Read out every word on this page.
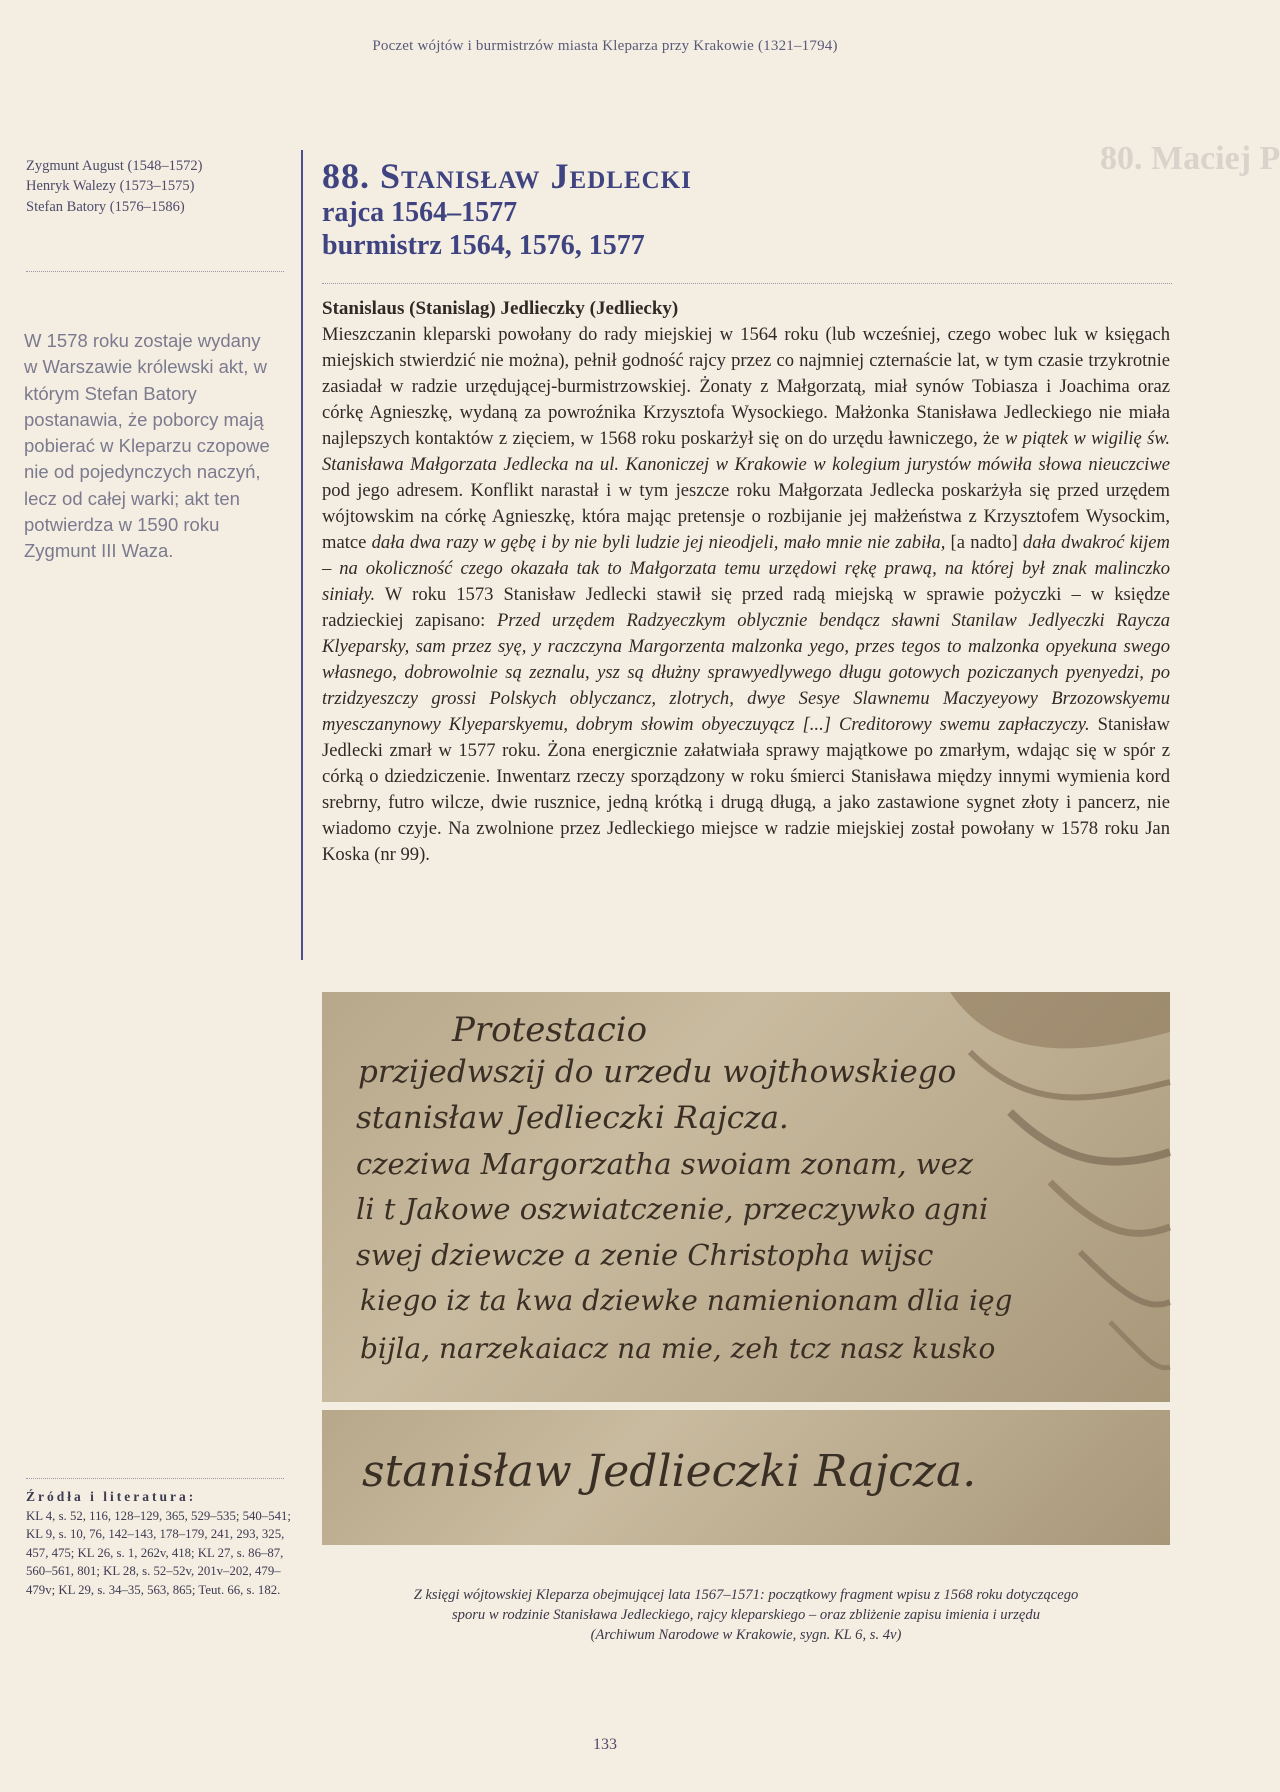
Poczet wójtów i burmistrzów miasta Kleparza przy Krakowie (1321–1794)
Zygmunt August (1548–1572)
Henryk Walezy (1573–1575)
Stefan Batory (1576–1586)
W 1578 roku zostaje wydany w Warszawie królewski akt, w którym Stefan Batory postanawia, że poborcy mają pobierać w Kleparzu czopowe nie od pojedynczych naczyń, lecz od całej warki; akt ten potwierdza w 1590 roku Zygmunt III Waza.
Źródła i literatura:
KL 4, s. 52, 116, 128–129, 365, 529–535; 540–541; KL 9, s. 10, 76, 142–143, 178–179, 241, 293, 325, 457, 475; KL 26, s. 1, 262v, 418; KL 27, s. 86–87, 560–561, 801; KL 28, s. 52–52v, 201v–202, 479–479v; KL 29, s. 34–35, 563, 865; Teut. 66, s. 182.
80. Maciej P
88. Stanisław Jedlecki
rajca 1564–1577
burmistrz 1564, 1576, 1577
Stanislaus (Stanislag) Jedlieczky (Jedliecky)
Mieszczanin kleparski powołany do rady miejskiej w 1564 roku (lub wcześniej, czego wobec luk w księgach miejskich stwierdzić nie można), pełnił godność rajcy przez co najmniej czternaście lat, w tym czasie trzykrotnie zasiadał w radzie urzędującej-burmistrzowskiej. Żonaty z Małgorzatą, miał synów Tobiasza i Joachima oraz córkę Agnieszkę, wydaną za powroźnika Krzysztofa Wysockiego. Małżonka Stanisława Jedleckiego nie miała najlepszych kontaktów z zięciem, w 1568 roku poskarżył się on do urzędu ławniczego, że w piątek w wigilię św. Stanisława Małgorzata Jedlecka na ul. Kanoniczej w Krakowie w kolegium jurystów mówiła słowa nieuczciwe pod jego adresem. Konflikt narastał i w tym jeszcze roku Małgorzata Jedlecka poskarżyła się przed urzędem wójtowskim na córkę Agnieszkę, która mając pretensje o rozbijanie jej małżeństwa z Krzysztofem Wysockim, matce dała dwa razy w gębę i by nie byli ludzie jej nieodjeli, mało mnie nie zabiła, [a nadto] dała dwakroć kijem – na okoliczność czego okazała tak to Małgorzata temu urzędowi rękę prawą, na której był znak malinczko siniały. W roku 1573 Stanisław Jedlecki stawił się przed radą miejską w sprawie pożyczki – w księdze radzieckiej zapisano: Przed urzędem Radzyeczkym oblycznie bendącz sławni Stanilaw Jedlyeczki Raycza Klyeparsky, sam przez syę, y raczczyna Margorzenta malzonka yego, przes tegos to malzonka opyekuna swego własnego, dobrowolnie są zeznalu, ysz są dłużny sprawyedlywego długu gotowych poziczanych pyenyedzi, po trzidzyeszczy grossi Polskych oblyczancz, zlotrych, dwye Sesye Slawnemu Maczyeyowy Brzozowskyemu myesczanynowy Klyeparskyemu, dobrym słowim obyeczuyącz [...] Creditorowy swemu zapłaczyczy. Stanisław Jedlecki zmarł w 1577 roku. Żona energicznie załatwiała sprawy majątkowe po zmarłym, wdając się w spór z córką o dziedziczenie. Inwentarz rzeczy sporządzony w roku śmierci Stanisława między innymi wymienia kord srebrny, futro wilcze, dwie rusznice, jedną krótką i drugą długą, a jako zastawione sygnet złoty i pancerz, nie wiadomo czyje. Na zwolnione przez Jedleckiego miejsce w radzie miejskiej został powołany w 1578 roku Jan Koska (nr 99).
Protestacio
przijedwszij do urzedu wojthowskiego
stanisław Jedlieczki Rajcza.
czeziwa Margorzatha swoiam zonam, wez
li t Jakowe oszwiatczenie, przeczywko agni
swej dziewcze a zenie Christopha wijsc
kiego iz ta kwa dziewke namienionam dlia ięg
bijla, narzekaiacz na mie, zeh tcz nasz kusko
stanisław Jedlieczki Rajcza.
Z księgi wójtowskiej Kleparza obejmującej lata 1567–1571: początkowy fragment wpisu z 1568 roku dotyczącego
sporu w rodzinie Stanisława Jedleckiego, rajcy kleparskiego – oraz zbliżenie zapisu imienia i urzędu
(Archiwum Narodowe w Krakowie, sygn. KL 6, s. 4v)
133
